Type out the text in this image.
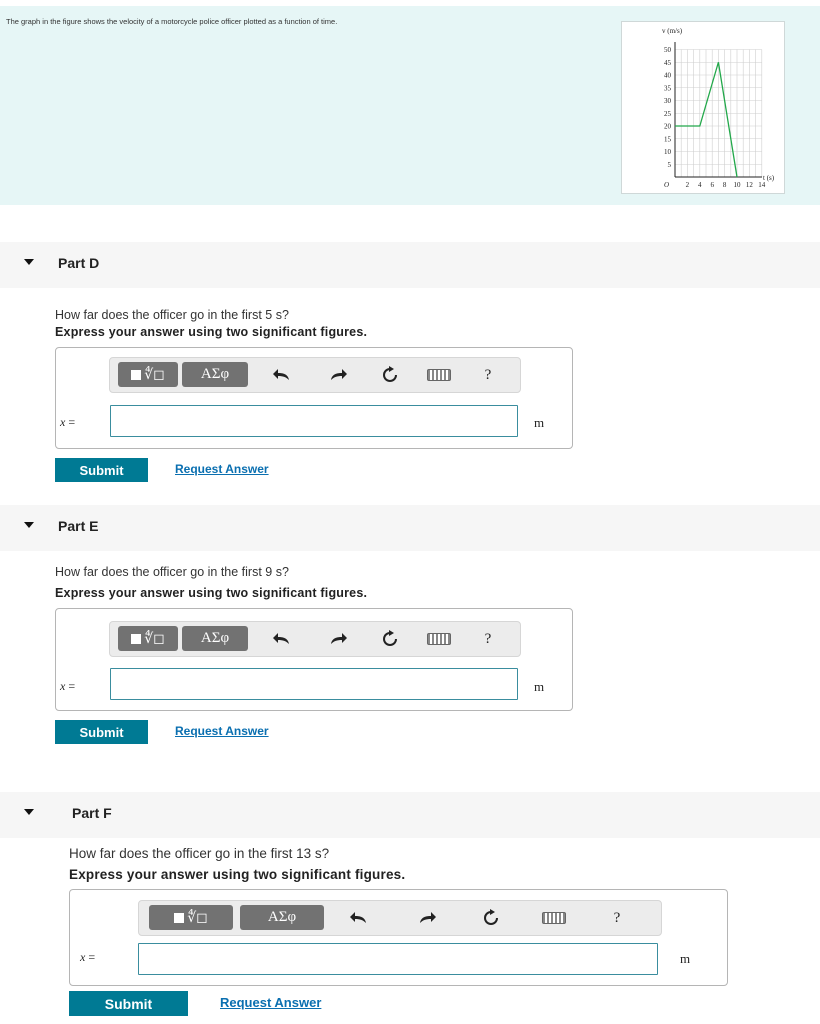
The graph in the figure shows the velocity of a motorcycle police officer plotted as a function of time.
v (m/s)
t (s)
O
50
45
40
35
30
25
20
15
10
5
2 4 6 8 10 12 14
Part D
How far does the officer go in the first 5 s?
Express your answer using two significant figures.
∜◻	ΑΣφ	?
x =	m
Submit	Request Answer
Part E
How far does the officer go in the first 9 s?
Express your answer using two significant figures.
∜◻	ΑΣφ	?
x =	m
Submit	Request Answer
Part F
How far does the officer go in the first 13 s?
Express your answer using two significant figures.
∜◻	ΑΣφ	?
x =	m
Submit	Request Answer
